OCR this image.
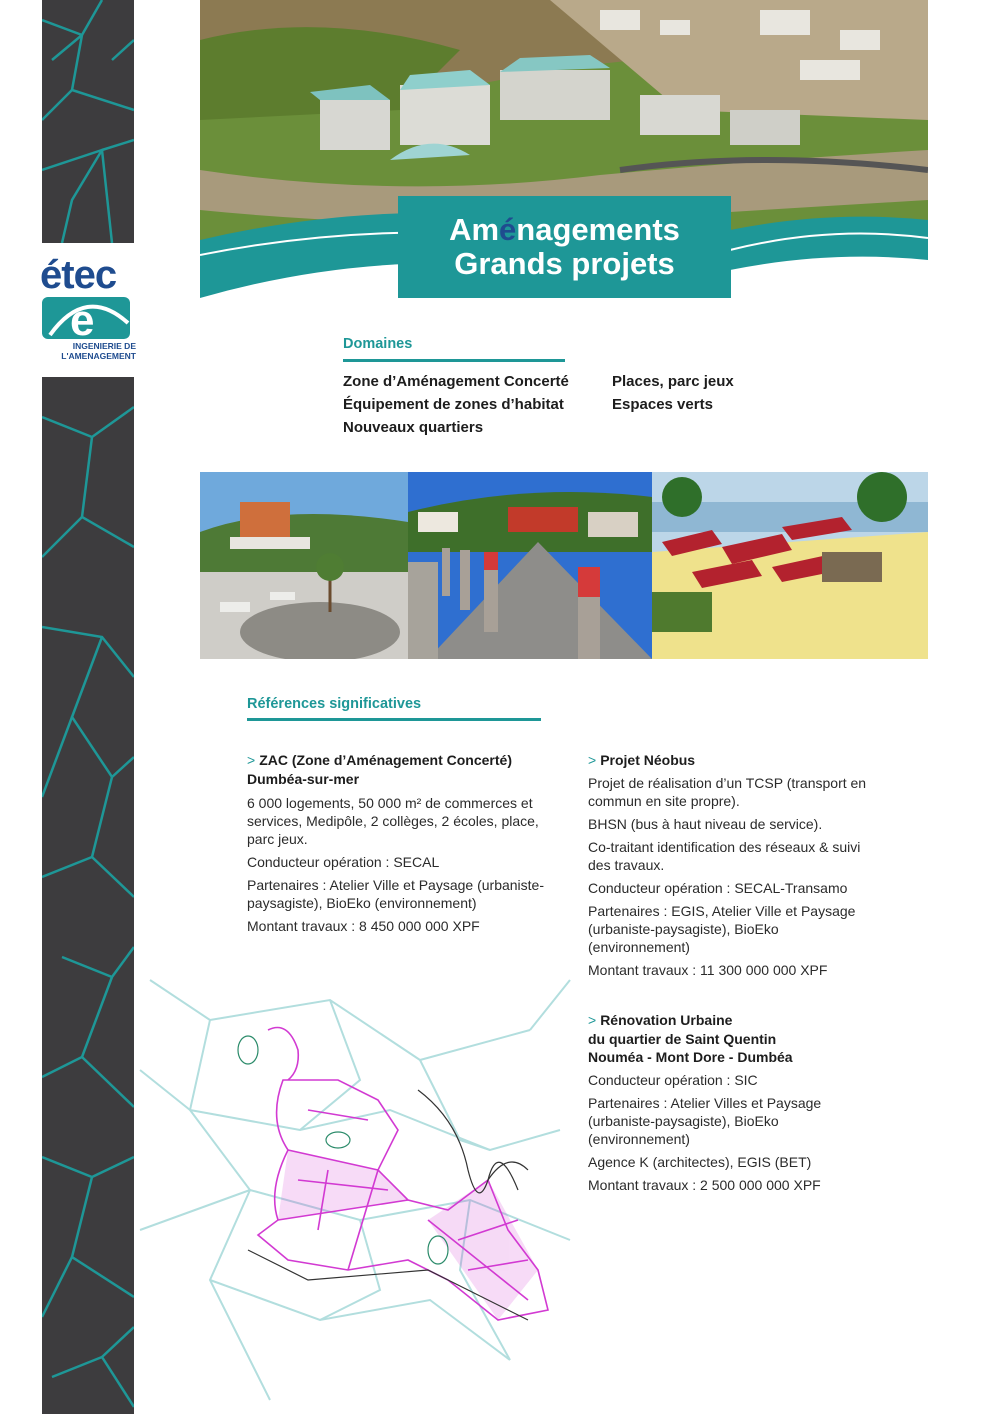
étec
e
INGENIERIE DE
L'AMENAGEMENT
Aménagements
Grands projets
Domaines
Zone d’Aménagement Concerté
Équipement de zones d’habitat
Nouveaux quartiers
Places, parc jeux
Espaces verts
Références significatives
> ZAC (Zone d’Aménagement Concerté)
Dumbéa-sur-mer

6 000 logements, 50 000 m² de commerces et services, Medipôle, 2 collèges, 2 écoles, place, parc jeux.

Conducteur opération : SECAL

Partenaires : Atelier Ville et Paysage (urbaniste-paysagiste), BioEko (environnement)

Montant travaux : 8 450 000 000 XPF

> Projet Néobus

Projet de réalisation d’un TCSP (transport en commun en site propre).

BHSN (bus à haut niveau de service).

Co-traitant identification des réseaux & suivi des travaux.

Conducteur opération : SECAL-Transamo

Partenaires : EGIS, Atelier Ville et Paysage (urbaniste-paysagiste), BioEko (environnement)

Montant travaux : 11 300 000 000 XPF

> Rénovation Urbaine
du quartier de Saint Quentin
Nouméa - Mont Dore - Dumbéa

Conducteur opération : SIC

Partenaires : Atelier Villes et Paysage (urbaniste-paysagiste), BioEko (environnement)

Agence K (architectes), EGIS (BET)

Montant travaux : 2 500 000 000 XPF
